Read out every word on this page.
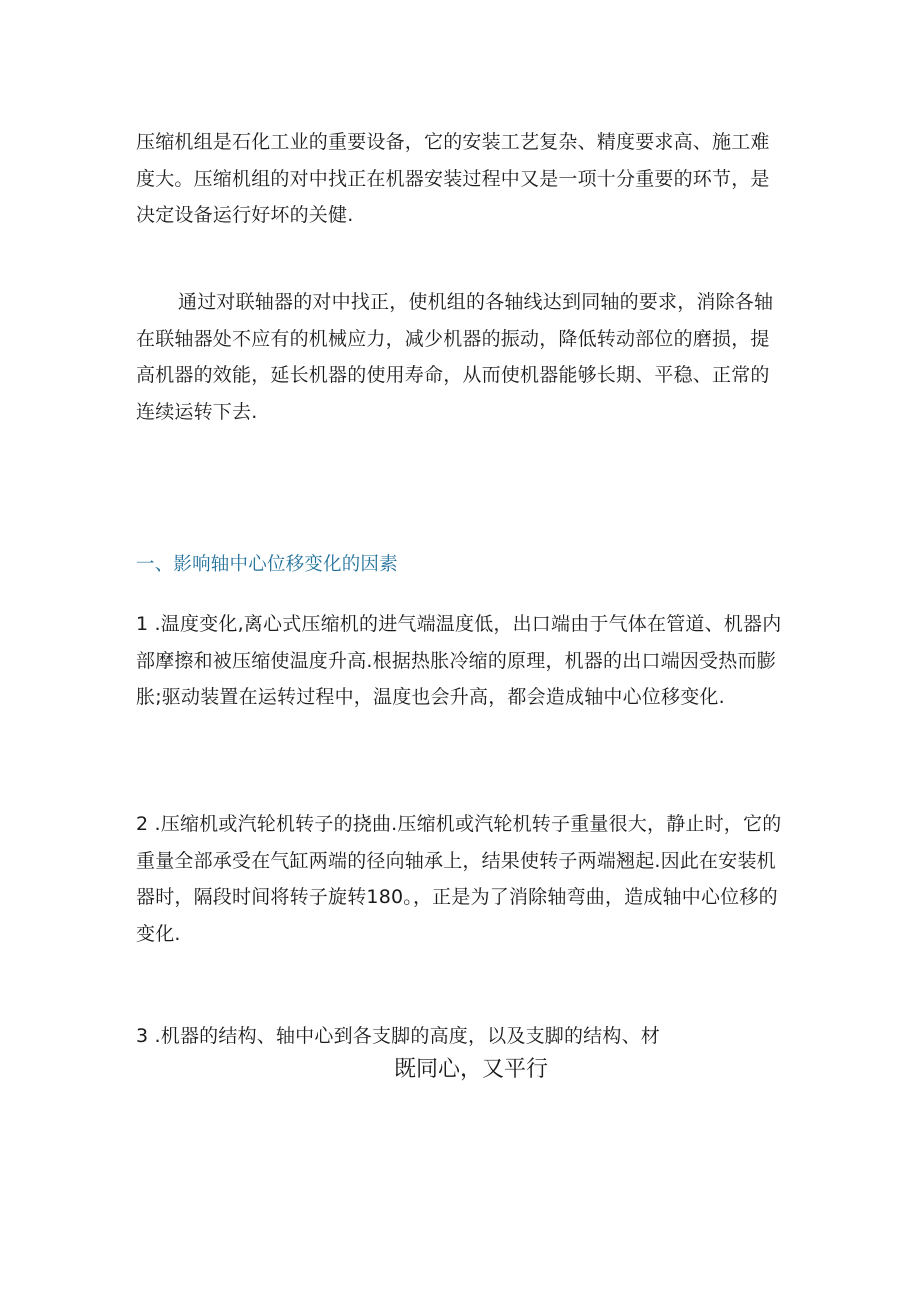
压缩机组是石化工业的重要设备，它的安装工艺复杂、精度要求高、施工难度大。压缩机组的对中找正在机器安装过程中又是一项十分重要的环节，是决定设备运行好坏的关健.

通过对联轴器的对中找正，使机组的各轴线达到同轴的要求，消除各轴在联轴器处不应有的机械应力，减少机器的振动，降低转动部位的磨损，提高机器的效能，延长机器的使用寿命，从而使机器能够长期、平稳、正常的连续运转下去.

一、影响轴中心位移变化的因素

1 .温度变化,离心式压缩机的进气端温度低，出口端由于气体在管道、机器内部摩擦和被压缩使温度升高.根据热胀冷缩的原理，机器的出口端因受热而膨胀;驱动装置在运转过程中，温度也会升高，都会造成轴中心位移变化.

2 .压缩机或汽轮机转子的挠曲.压缩机或汽轮机转子重量很大，静止时，它的重量全部承受在气缸两端的径向轴承上，结果使转子两端翘起.因此在安装机器时，隔段时间将转子旋转180。，正是为了消除轴弯曲，造成轴中心位移的变化.

3 .机器的结构、轴中心到各支脚的高度，以及支脚的结构、材

既同心，又平行
